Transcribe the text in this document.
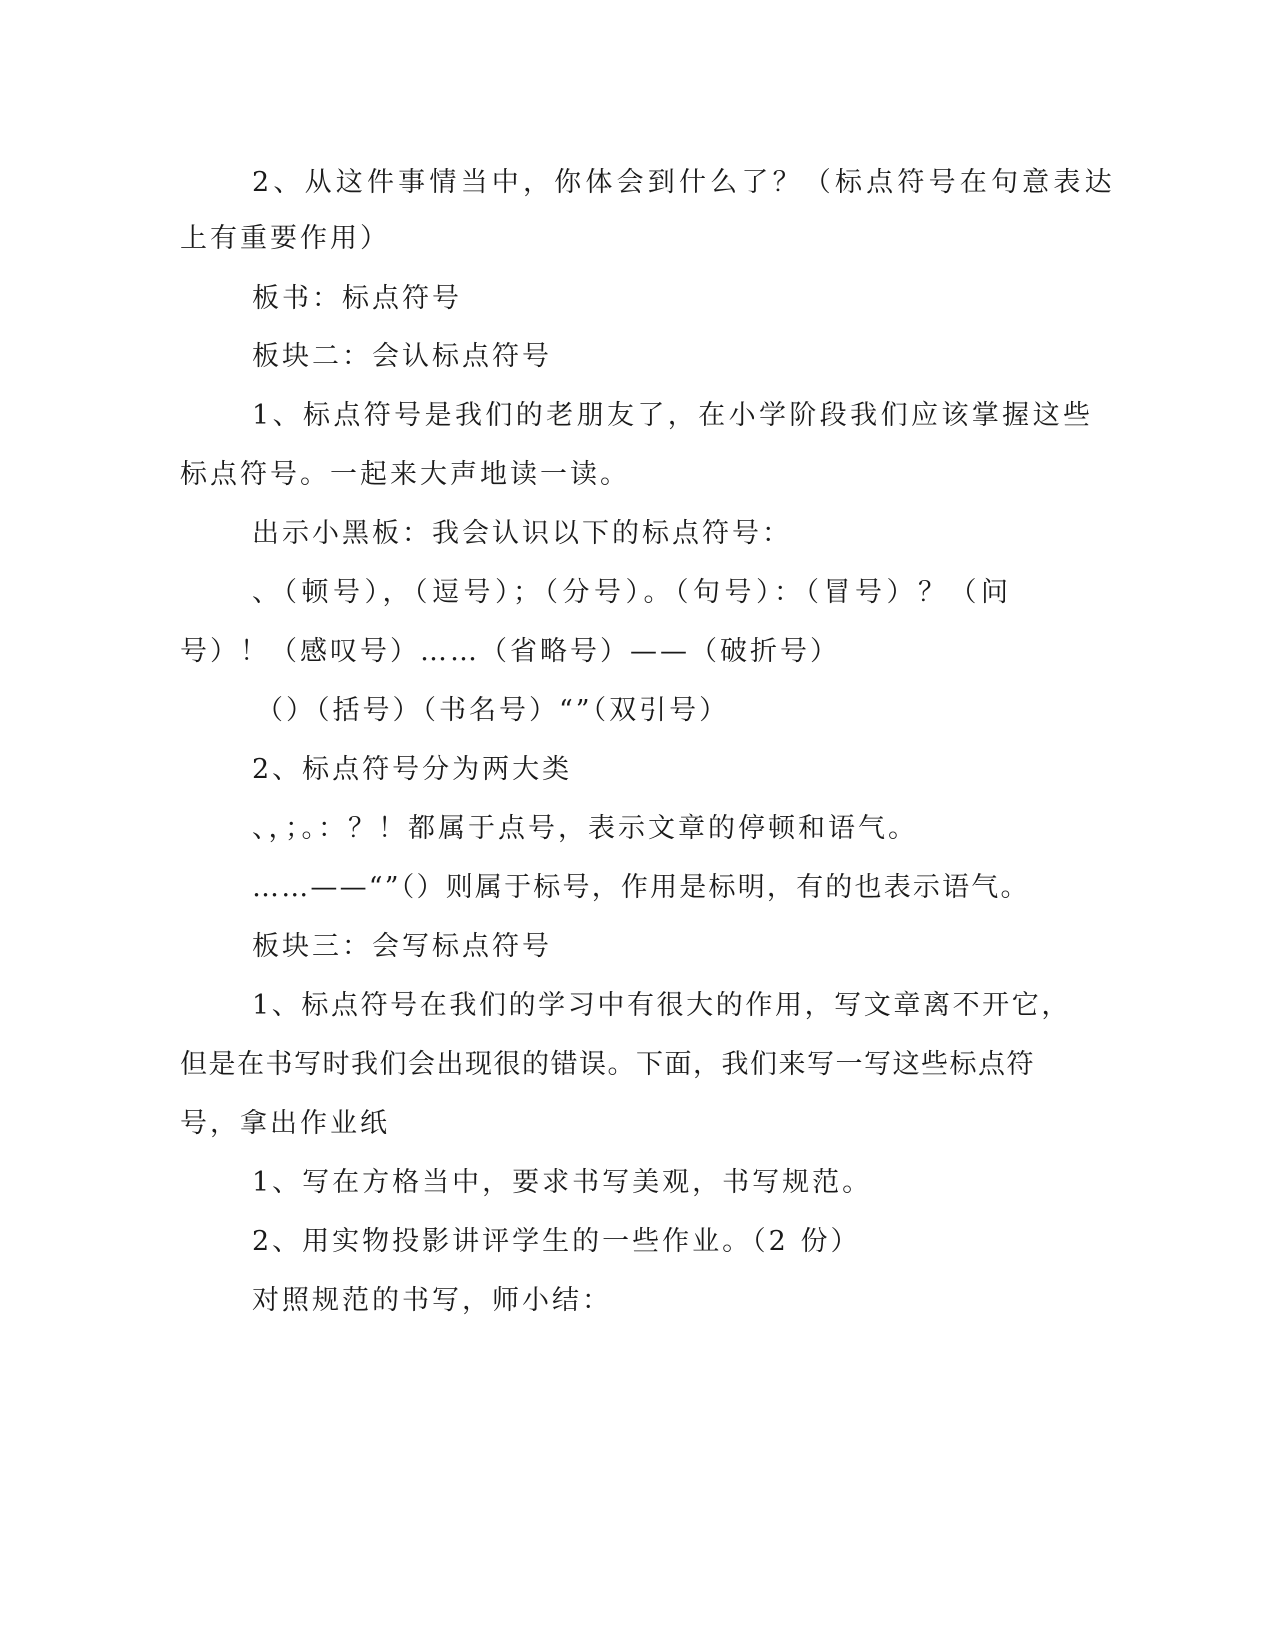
2、从这件事情当中，你体会到什么了？（标点符号在句意表达
上有重要作用）
板书：标点符号
板块二：会认标点符号
1、标点符号是我们的老朋友了，在小学阶段我们应该掌握这些
标点符号。一起来大声地读一读。
出示小黑板：我会认识以下的标点符号：
、（顿号），（逗号）；（分号）。（句号）：（冒号）？（问
号）！（感叹号）……（省略号）——（破折号）
（）（括号）（书名号）“”（双引号）
2、标点符号分为两大类
、，；。：？！都属于点号，表示文章的停顿和语气。
……——“”（）则属于标号，作用是标明，有的也表示语气。
板块三：会写标点符号
1、标点符号在我们的学习中有很大的作用，写文章离不开它，
但是在书写时我们会出现很的错误。下面，我们来写一写这些标点符
号，拿出作业纸
1、写在方格当中，要求书写美观，书写规范。
2、用实物投影讲评学生的一些作业。（2 份）
对照规范的书写，师小结：
